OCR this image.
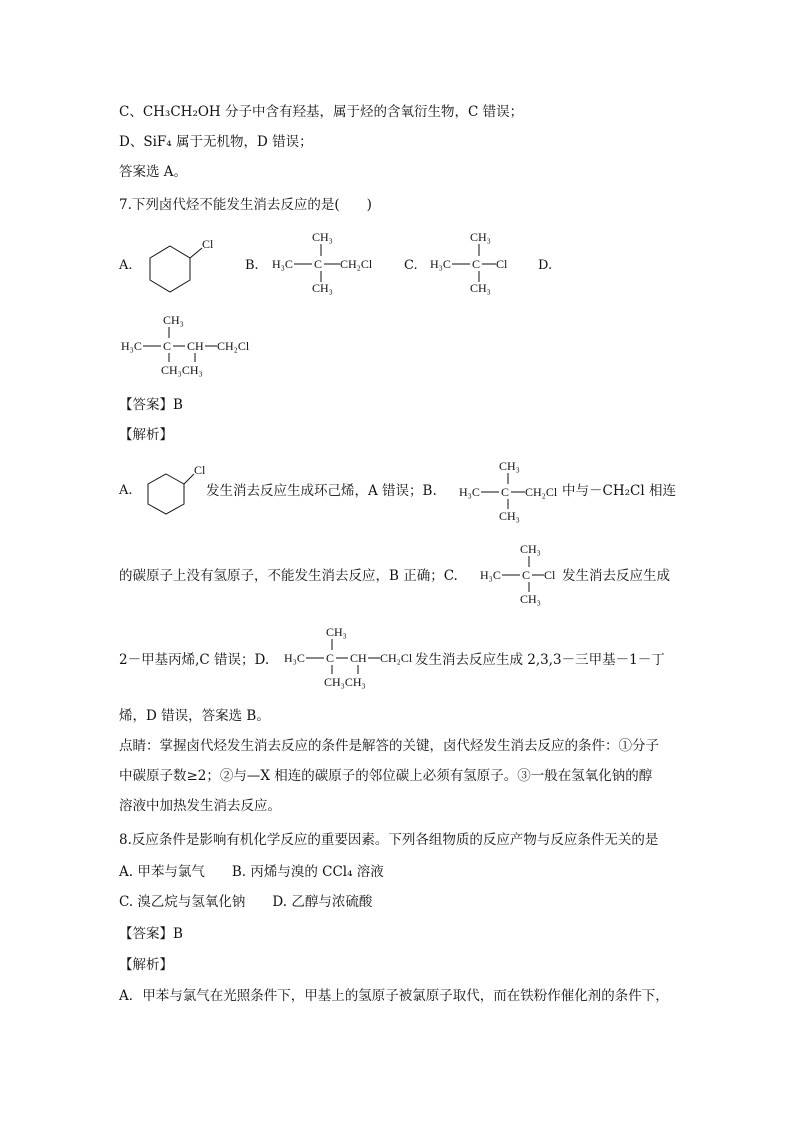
C、CH₃CH₂OH 分子中含有羟基，属于烃的含氧衍生物，C 错误；
D、SiF₄ 属于无机物，D 错误；
答案选 A。
7.下列卤代烃不能发生消去反应的是(　　)
A.
Cl
B.
CH₃
H₃C C CH₂Cl
CH₃
C.
CH₃
H₃C C Cl
CH₃
D.
CH₃
H₃C C CH CH₂Cl
CH₃CH₃
【答案】B
【解析】
A.
Cl
发生消去反应生成环己烯，A 错误；B.
CH₃
H₃C C CH₂Cl
CH₃
中与－CH₂Cl 相连
的碳原子上没有氢原子，不能发生消去反应，B 正确；C.
CH₃
H₃C C Cl
CH₃
发生消去反应生成
2－甲基丙烯,C 错误；D.
CH₃
H₃C C CH CH₂Cl
CH₃CH₃
发生消去反应生成 2,3,3－三甲基－1－丁
烯，D 错误，答案选 B。
点睛：掌握卤代烃发生消去反应的条件是解答的关键，卤代烃发生消去反应的条件：①分子
中碳原子数≥2；②与—X 相连的碳原子的邻位碳上必须有氢原子。③一般在氢氧化钠的醇
溶液中加热发生消去反应。
8.反应条件是影响有机化学反应的重要因素。下列各组物质的反应产物与反应条件无关的是
A. 甲苯与氯气　　B. 丙烯与溴的 CCl₄ 溶液
C. 溴乙烷与氢氧化钠　　D. 乙醇与浓硫酸
【答案】B
【解析】
A．甲苯与氯气在光照条件下，甲基上的氢原子被氯原子取代，而在铁粉作催化剂的条件下，
